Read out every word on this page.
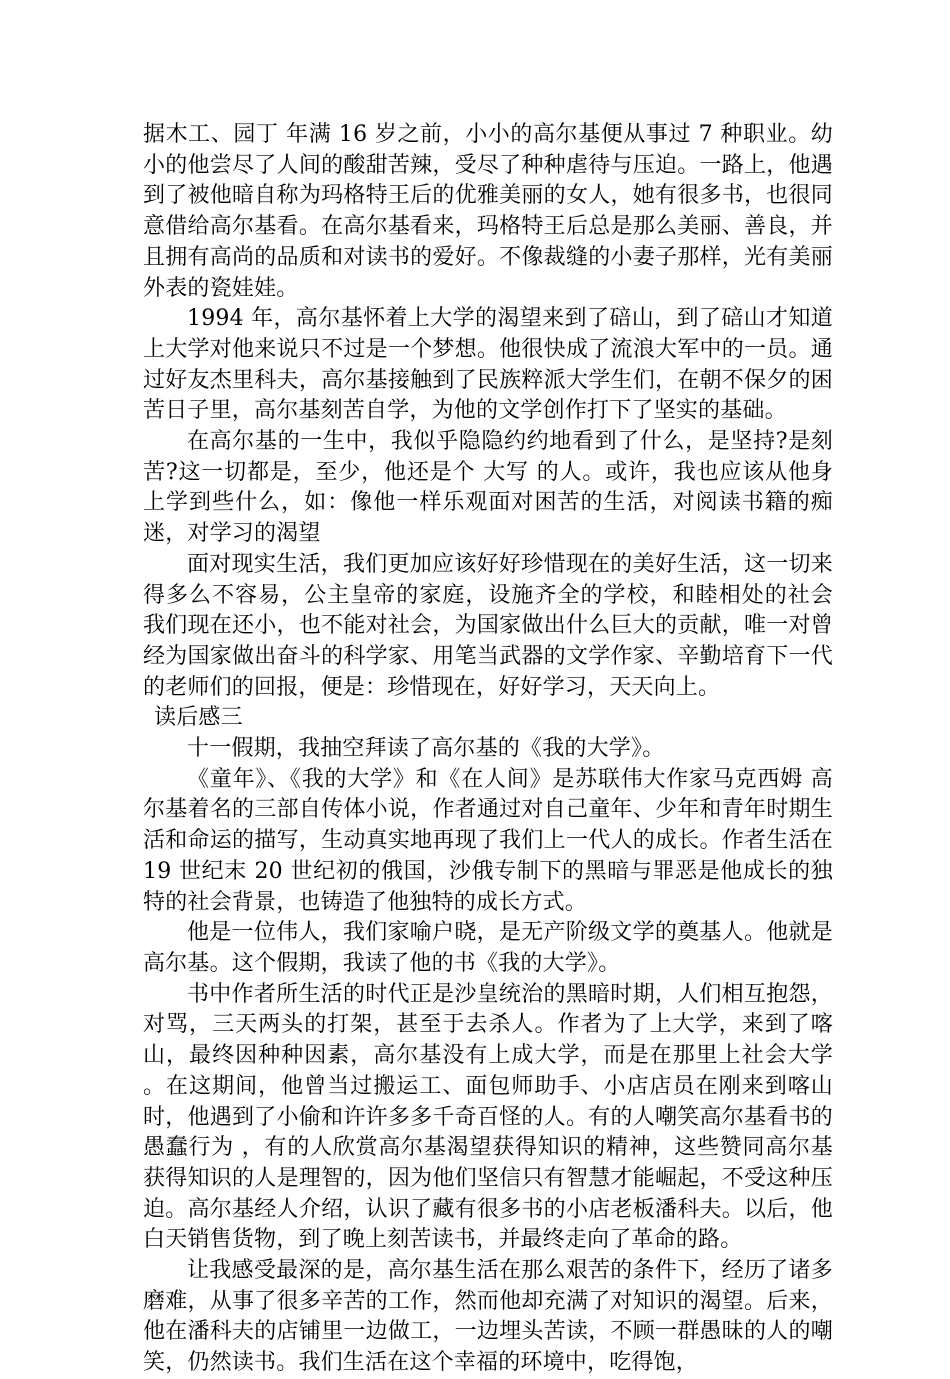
据木工、园丁 年满 16 岁之前，小小的高尔基便从事过 7 种职业。幼小的他尝尽了人间的酸甜苦辣，受尽了种种虐待与压迫。一路上，他遇到了被他暗自称为玛格特王后的优雅美丽的女人，她有很多书，也很同意借给高尔基看。在高尔基看来，玛格特王后总是那么美丽、善良，并且拥有高尚的品质和对读书的爱好。不像裁缝的小妻子那样，光有美丽外表的瓷娃娃。

1994 年，高尔基怀着上大学的渴望来到了碚山，到了碚山才知道上大学对他来说只不过是一个梦想。他很快成了流浪大军中的一员。通过好友杰里科夫，高尔基接触到了民族粹派大学生们，在朝不保夕的困苦日子里，高尔基刻苦自学，为他的文学创作打下了坚实的基础。

在高尔基的一生中，我似乎隐隐约约地看到了什么，是坚持?是刻苦?这一切都是，至少，他还是个 大写 的人。或许，我也应该从他身上学到些什么，如：像他一样乐观面对困苦的生活，对阅读书籍的痴迷，对学习的渴望

面对现实生活，我们更加应该好好珍惜现在的美好生活，这一切来得多么不容易，公主皇帝的家庭，设施齐全的学校，和睦相处的社会 我们现在还小，也不能对社会，为国家做出什么巨大的贡献，唯一对曾经为国家做出奋斗的科学家、用笔当武器的文学作家、辛勤培育下一代的老师们的回报，便是：珍惜现在，好好学习，天天向上。

读后感三

十一假期，我抽空拜读了高尔基的《我的大学》。

《童年》、《我的大学》和《在人间》是苏联伟大作家马克西姆 高尔基着名的三部自传体小说，作者通过对自己童年、少年和青年时期生活和命运的描写，生动真实地再现了我们上一代人的成长。作者生活在 19 世纪末 20 世纪初的俄国，沙俄专制下的黑暗与罪恶是他成长的独特的社会背景，也铸造了他独特的成长方式。

他是一位伟人，我们家喻户晓，是无产阶级文学的奠基人。他就是高尔基。这个假期，我读了他的书《我的大学》。

书中作者所生活的时代正是沙皇统治的黑暗时期，人们相互抱怨，对骂，三天两头的打架，甚至于去杀人。作者为了上大学，来到了喀山，最终因种种因素，高尔基没有上成大学，而是在那里上社会大学 。在这期间，他曾当过搬运工、面包师助手、小店店员在刚来到喀山时，他遇到了小偷和许许多多千奇百怪的人。有的人嘲笑高尔基看书的 愚蠢行为 ，有的人欣赏高尔基渴望获得知识的精神，这些赞同高尔基获得知识的人是理智的，因为他们坚信只有智慧才能崛起，不受这种压迫。高尔基经人介绍，认识了藏有很多书的小店老板潘科夫。以后，他白天销售货物，到了晚上刻苦读书，并最终走向了革命的路。

让我感受最深的是，高尔基生活在那么艰苦的条件下，经历了诸多磨难，从事了很多辛苦的工作，然而他却充满了对知识的渴望。后来，他在潘科夫的店铺里一边做工，一边埋头苦读，不顾一群愚昧的人的嘲笑，仍然读书。我们生活在这个幸福的环境中，吃得饱，
